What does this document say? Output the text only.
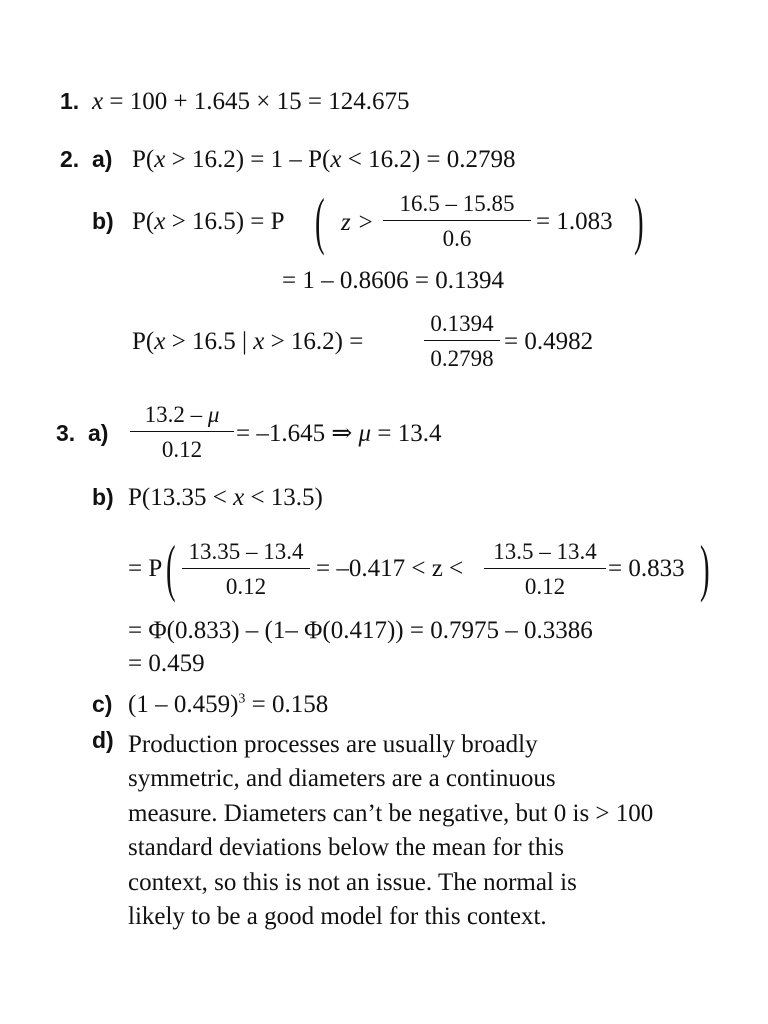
1. x = 100 + 1.645 × 15 = 124.675
2. a) P(x > 16.2) = 1 – P(x < 16.2) = 0.2798
b) P(x > 16.5) = P ( z >
16.5 – 15.85
0.6
= 1.083 )
= 1 – 0.8606 = 0.1394
P(x > 16.5 | x > 16.2) =
0.1394
0.2798
= 0.4982
3. a)
13.2 – μ
0.12
= –1.645 ⇒ μ = 13.4
b) P(13.35 < x < 13.5)
= P ( 13.35 – 13.4
0.12
= –0.417 < z <
13.5 – 13.4
0.12
= 0.833 )
= Φ(0.833) – (1– Φ(0.417)) = 0.7975 – 0.3386
= 0.459
c) (1 – 0.459)$^3$ = 0.158
d) Production processes are usually broadly
symmetric, and diameters are a continuous
measure. Diameters can’t be negative, but 0 is > 100
standard deviations below the mean for this
context, so this is not an issue. The normal is
likely to be a good model for this context.
